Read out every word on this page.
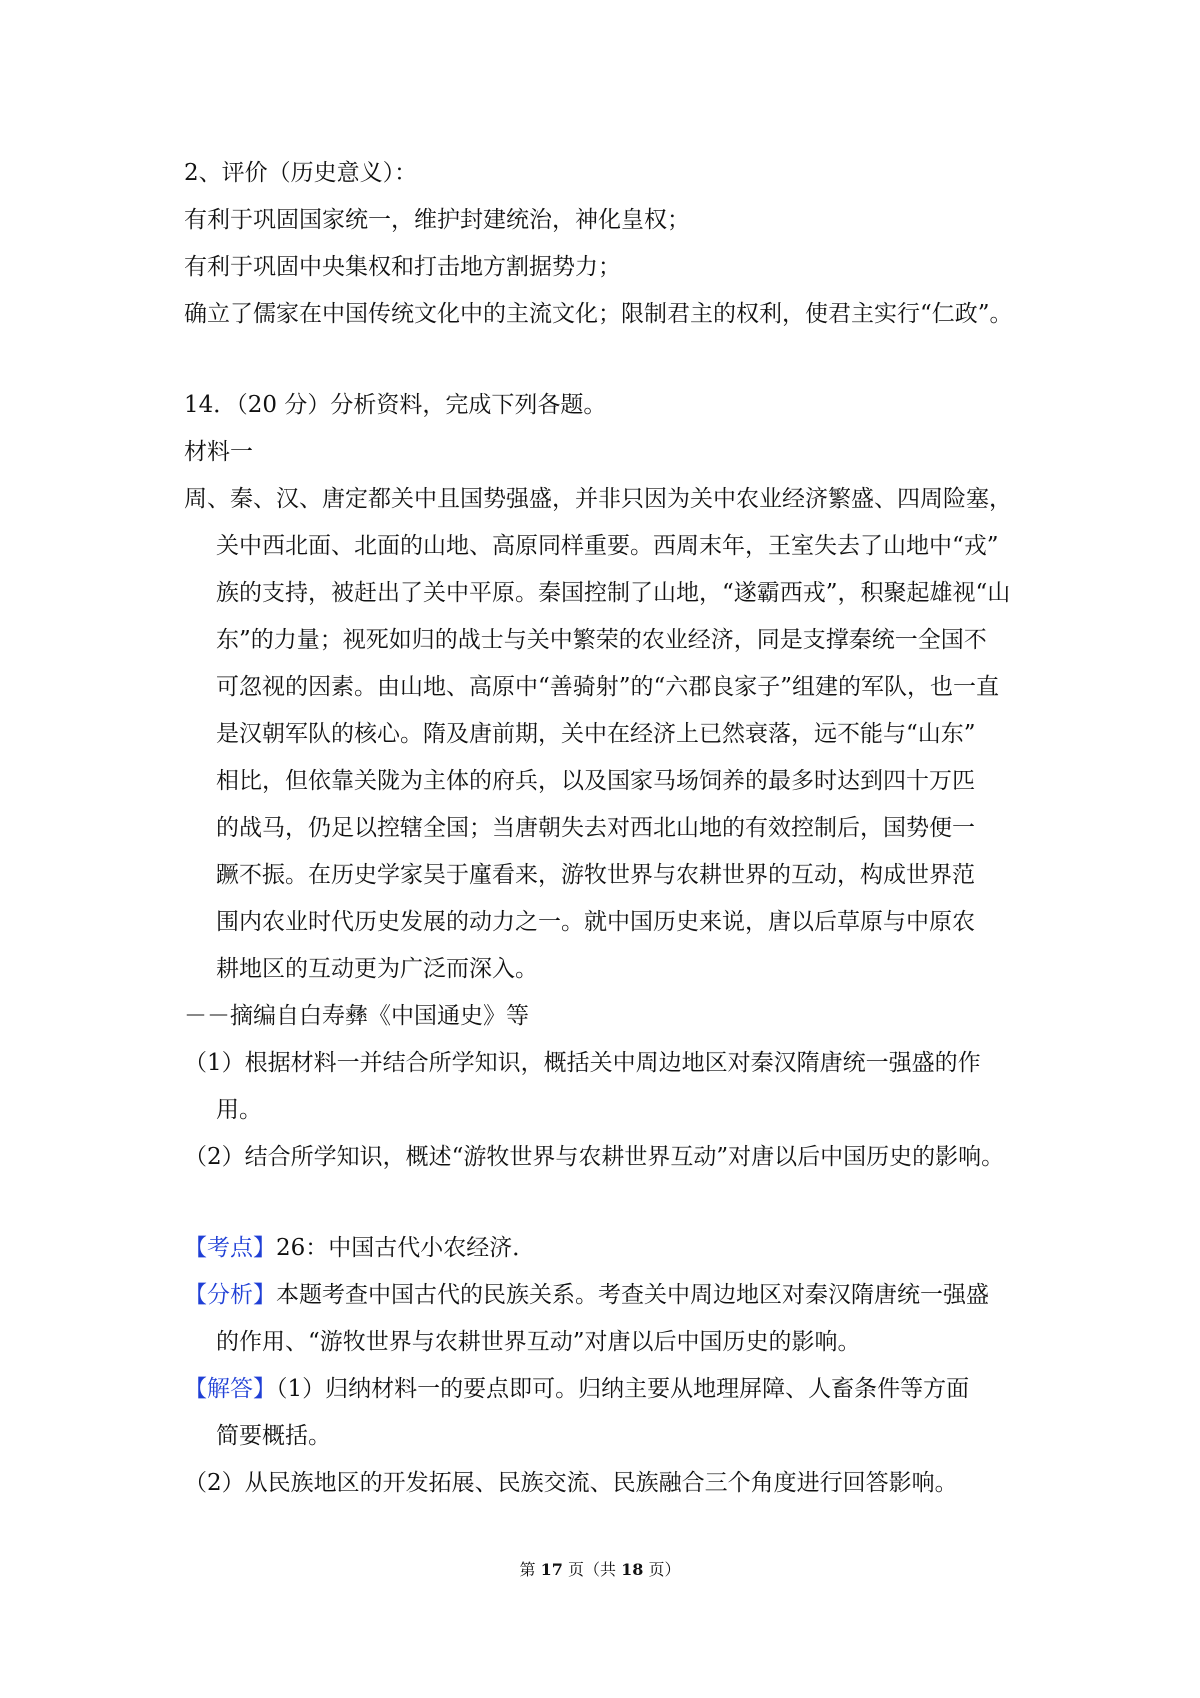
2、评价（历史意义）：
有利于巩固国家统一，维护封建统治，神化皇权；
有利于巩固中央集权和打击地方割据势力；
确立了儒家在中国传统文化中的主流文化；限制君主的权利，使君主实行“仁政”。
14．（20 分）分析资料，完成下列各题。
材料一
周、秦、汉、唐定都关中且国势强盛，并非只因为关中农业经济繁盛、四周险塞，
关中西北面、北面的山地、高原同样重要。西周末年，王室失去了山地中“戎”
族的支持，被赶出了关中平原。秦国控制了山地，“遂霸西戎”，积聚起雄视“山
东”的力量；视死如归的战士与关中繁荣的农业经济，同是支撑秦统一全国不
可忽视的因素。由山地、高原中“善骑射”的“六郡良家子”组建的军队，也一直
是汉朝军队的核心。隋及唐前期，关中在经济上已然衰落，远不能与“山东”
相比，但依靠关陇为主体的府兵，以及国家马场饲养的最多时达到四十万匹
的战马，仍足以控辖全国；当唐朝失去对西北山地的有效控制后，国势便一
蹶不振。在历史学家吴于廑看来，游牧世界与农耕世界的互动，构成世界范
围内农业时代历史发展的动力之一。就中国历史来说，唐以后草原与中原农
耕地区的互动更为广泛而深入。
－－摘编自白寿彝《中国通史》等
（1）根据材料一并结合所学知识，概括关中周边地区对秦汉隋唐统一强盛的作
用。
（2）结合所学知识，概述“游牧世界与农耕世界互动”对唐以后中国历史的影响。
【考点】26：中国古代小农经济．
【分析】本题考查中国古代的民族关系。考查关中周边地区对秦汉隋唐统一强盛
的作用、“游牧世界与农耕世界互动”对唐以后中国历史的影响。
【解答】（1）归纳材料一的要点即可。归纳主要从地理屏障、人畜条件等方面
简要概括。
（2）从民族地区的开发拓展、民族交流、民族融合三个角度进行回答影响。
第 17 页（共 18 页）
